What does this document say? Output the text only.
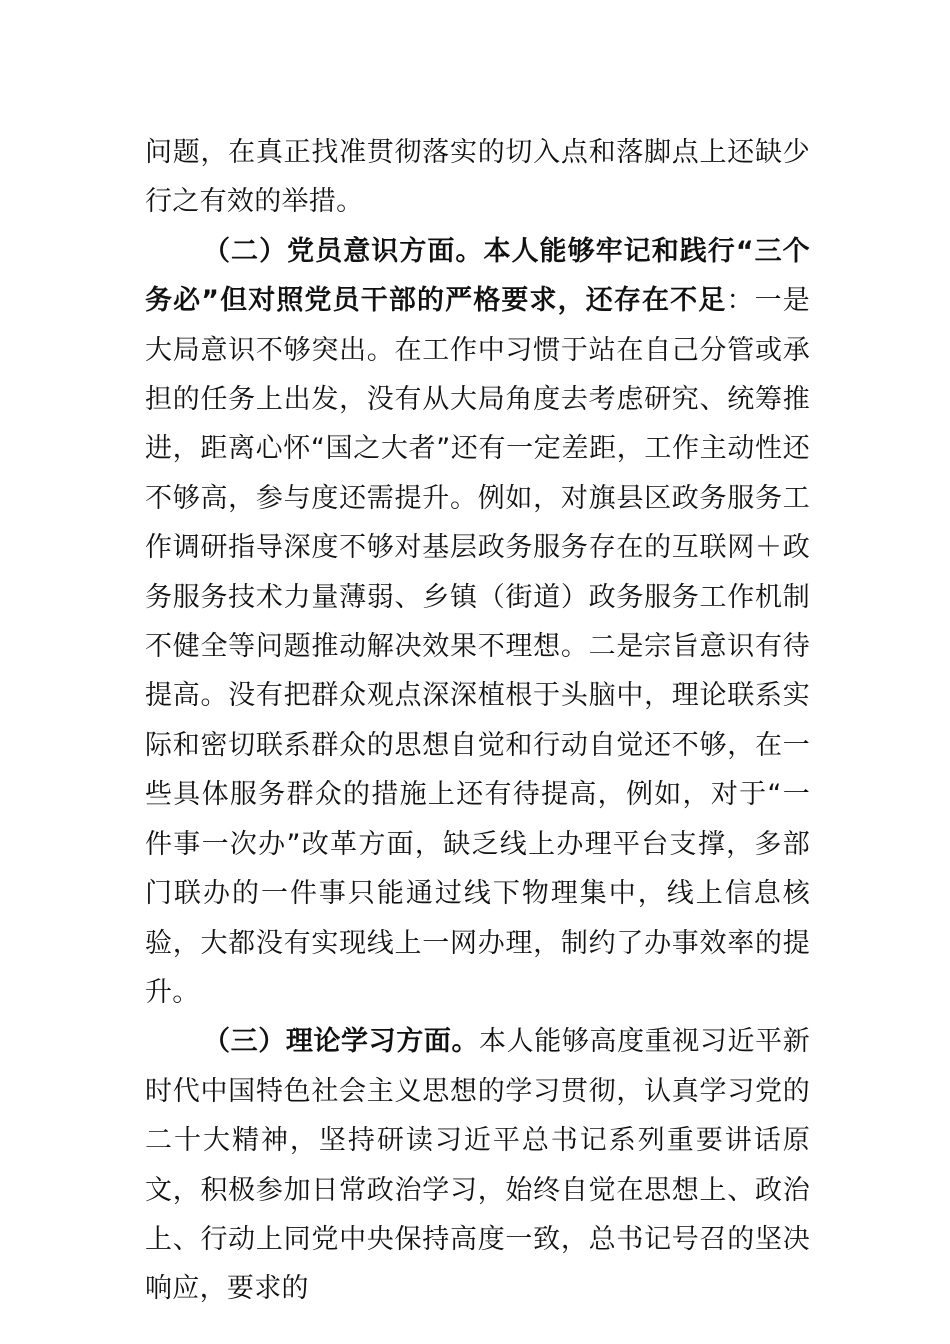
问题，在真正找准贯彻落实的切入点和落脚点上还缺少行之有效的举措。

（二）党员意识方面。本人能够牢记和践行“三个务必”但对照党员干部的严格要求，还存在不足：一是大局意识不够突出。在工作中习惯于站在自己分管或承担的任务上出发，没有从大局角度去考虑研究、统筹推进，距离心怀“国之大者”还有一定差距，工作主动性还不够高，参与度还需提升。例如，对旗县区政务服务工作调研指导深度不够对基层政务服务存在的互联网＋政务服务技术力量薄弱、乡镇（街道）政务服务工作机制不健全等问题推动解决效果不理想。二是宗旨意识有待提高。没有把群众观点深深植根于头脑中，理论联系实际和密切联系群众的思想自觉和行动自觉还不够，在一些具体服务群众的措施上还有待提高，例如，对于“一件事一次办”改革方面，缺乏线上办理平台支撑，多部门联办的一件事只能通过线下物理集中，线上信息核验，大都没有实现线上一网办理，制约了办事效率的提升。

（三）理论学习方面。本人能够高度重视习近平新时代中国特色社会主义思想的学习贯彻，认真学习党的二十大精神，坚持研读习近平总书记系列重要讲话原文，积极参加日常政治学习，始终自觉在思想上、政治上、行动上同党中央保持高度一致，总书记号召的坚决响应，要求的
